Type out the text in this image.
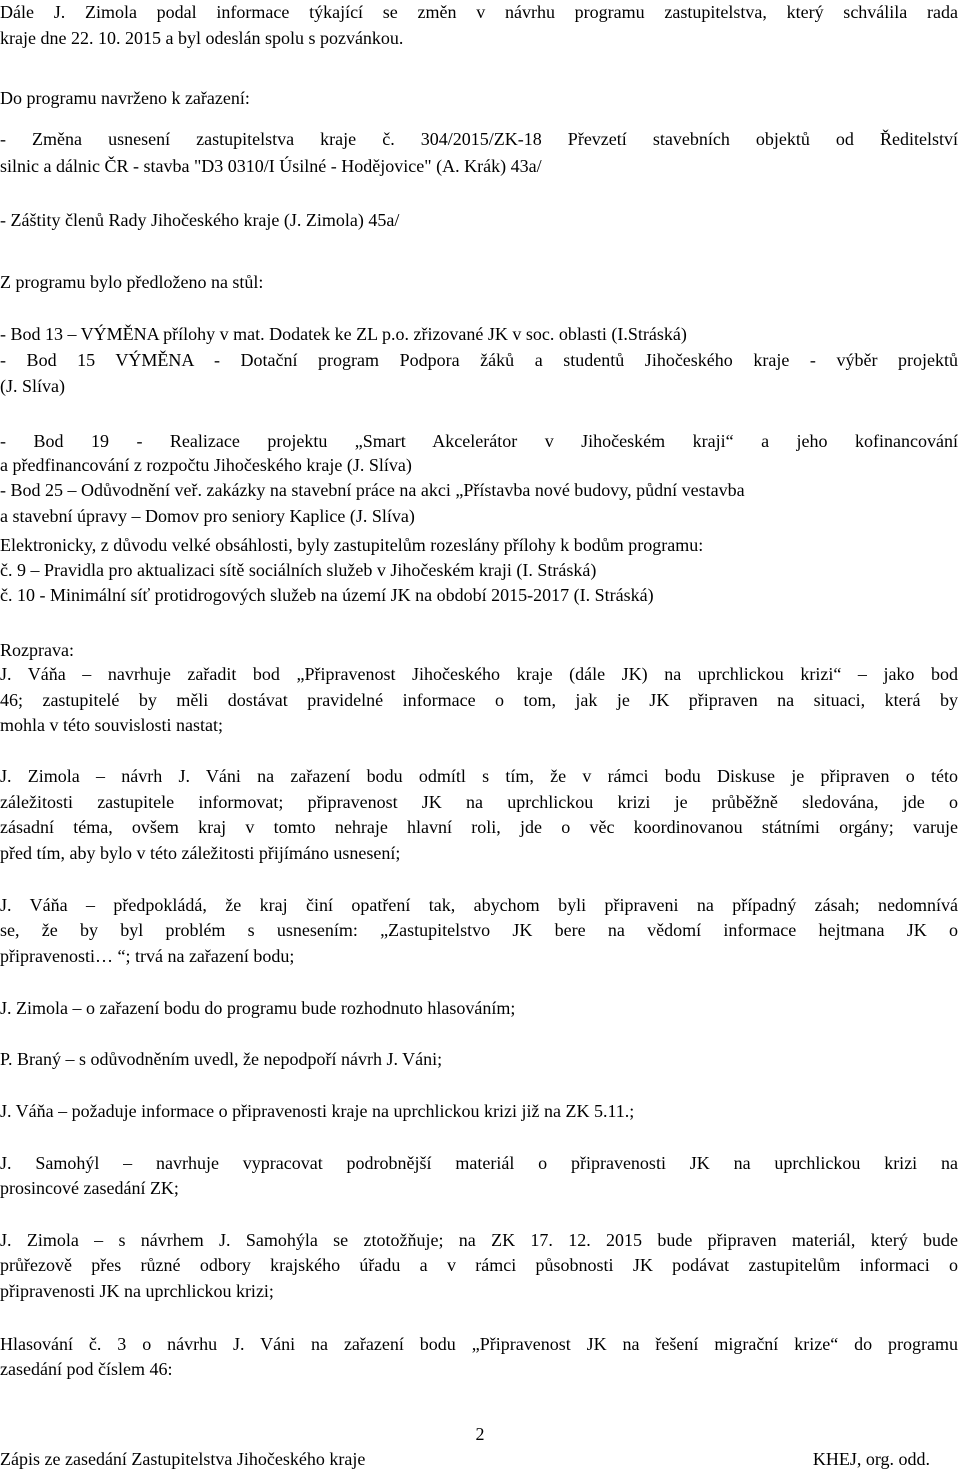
Dále J. Zimola podal informace týkající se změn v návrhu programu zastupitelstva, který schválila rada
kraje dne 22. 10. 2015 a byl odeslán spolu s pozvánkou.
Do programu navrženo k zařazení:
- Změna usnesení zastupitelstva kraje č. 304/2015/ZK-18 Převzetí stavebních objektů od Ředitelství
silnic a dálnic ČR - stavba "D3 0310/I Úsilné - Hodějovice" (A. Krák) 43a/
- Záštity členů Rady Jihočeského kraje (J. Zimola) 45a/
Z programu bylo předloženo na stůl:
- Bod 13 – VÝMĚNA přílohy v mat. Dodatek ke ZL p.o. zřizované JK v soc. oblasti (I.Stráská)
- Bod 15 VÝMĚNA - Dotační program Podpora žáků a studentů Jihočeského kraje - výběr projektů
(J. Slíva)
- Bod 19 - Realizace projektu „Smart Akcelerátor v Jihočeském kraji“ a jeho kofinancování
a předfinancování z rozpočtu Jihočeského kraje (J. Slíva)
- Bod 25 – Odůvodnění veř. zakázky na stavební práce na akci „Přístavba nové budovy, půdní vestavba
a stavební úpravy – Domov pro seniory Kaplice (J. Slíva)
Elektronicky, z důvodu velké obsáhlosti, byly zastupitelům rozeslány přílohy k bodům programu:
č. 9 – Pravidla pro aktualizaci sítě sociálních služeb v Jihočeském kraji (I. Stráská)
č. 10 - Minimální síť protidrogových služeb na území JK na období 2015-2017 (I. Stráská)
Rozprava:
J. Váňa – navrhuje zařadit bod „Připravenost Jihočeského kraje (dále JK) na uprchlickou krizi“ – jako bod
46; zastupitelé by měli dostávat pravidelné informace o tom, jak je JK připraven na situaci, která by
mohla v této souvislosti nastat;
J. Zimola – návrh J. Váni na zařazení bodu odmítl s tím, že v rámci bodu Diskuse je připraven o této
záležitosti zastupitele informovat; připravenost JK na uprchlickou krizi je průběžně sledována, jde o
zásadní téma, ovšem kraj v tomto nehraje hlavní roli, jde o věc koordinovanou státními orgány; varuje
před tím, aby bylo v této záležitosti přijímáno usnesení;
J. Váňa – předpokládá, že kraj činí opatření tak, abychom byli připraveni na případný zásah; nedomnívá
se, že by byl problém s usnesením: „Zastupitelstvo JK bere na vědomí informace hejtmana JK o
připravenosti… “; trvá na zařazení bodu;
J. Zimola – o zařazení bodu do programu bude rozhodnuto hlasováním;
P. Braný – s odůvodněním uvedl, že nepodpoří návrh J. Váni;
J. Váňa – požaduje informace o připravenosti kraje na uprchlickou krizi již na ZK 5.11.;
J. Samohýl – navrhuje vypracovat podrobnější materiál o připravenosti JK na uprchlickou krizi na
prosincové zasedání ZK;
J. Zimola – s návrhem J. Samohýla se ztotožňuje; na ZK 17. 12. 2015 bude připraven materiál, který bude
průřezově přes různé odbory krajského úřadu a v rámci působnosti JK podávat zastupitelům informaci o
připravenosti JK na uprchlickou krizi;
Hlasování č. 3 o návrhu J. Váni na zařazení bodu „Připravenost JK na řešení migrační krize“ do programu
zasedání pod číslem 46:
2
Zápis ze zasedání Zastupitelstva Jihočeského kraje	KHEJ, org. odd.
